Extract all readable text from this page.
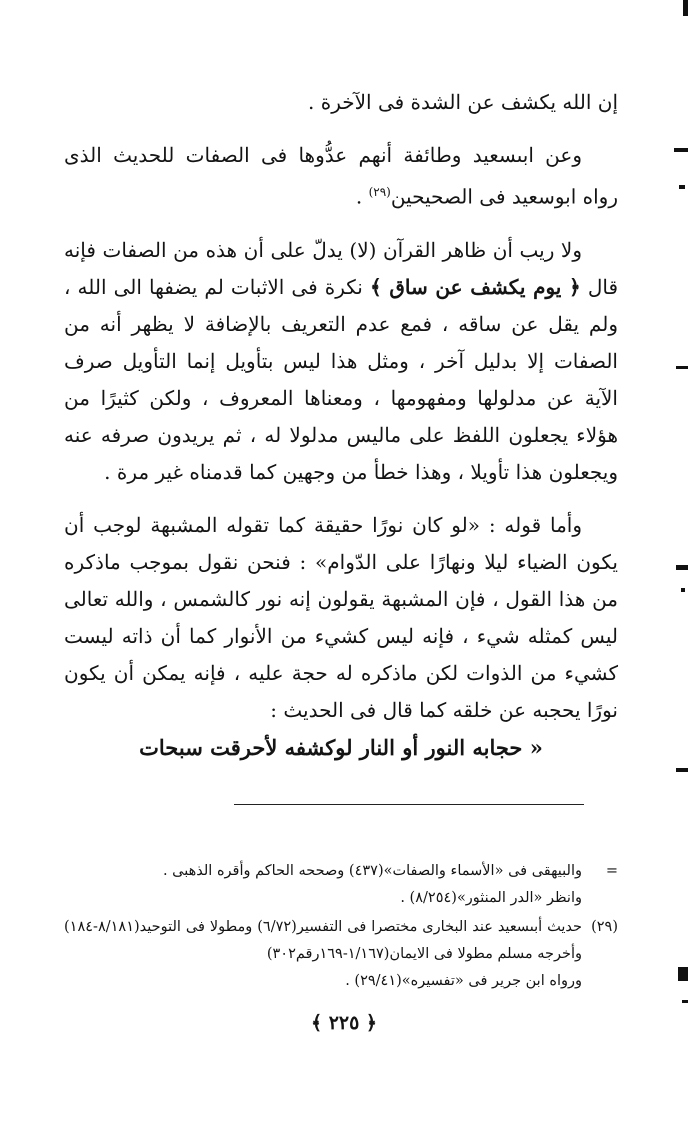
إن الله يكشف عن الشدة فى الآخرة .

وعن ابىسعيد وطائفة أنهم عدُّوها فى الصفات للحديث الذى رواه ابوسعيد فى الصحيحين$^{(٢٩)}$ .

ولا ريب أن ظاهر القرآن (لا) يدلّ على أن هذه من الصفات فإنه قال ﴿ يوم يكشف عن ساق ﴾ نكرة فى الاثبات لم يضفها الى الله ، ولم يقل عن ساقه ، فمع عدم التعريف بالإضافة لا يظهر أنه من الصفات إلا بدليل آخر ، ومثل هذا ليس بتأويل إنما التأويل صرف الآية عن مدلولها ومفهومها ، ومعناها المعروف ، ولكن كثيرًا من هؤلاء يجعلون اللفظ على ماليس مدلولا له ، ثم يريدون صرفه عنه ويجعلون هذا تأويلا ، وهذا خطأ من وجهين كما قدمناه غير مرة .

وأما قوله : «لو كان نورًا حقيقة كما تقوله المشبهة لوجب أن يكون الضياء ليلا ونهارًا على الدّوام» : فنحن نقول بموجب ماذكره من هذا القول ، فإن المشبهة يقولون إنه نور كالشمس ، والله تعالى ليس كمثله شيء ، فإنه ليس كشيء من الأنوار كما أن ذاته ليست كشيء من الذوات لكن ماذكره له حجة عليه ، فإنه يمكن أن يكون نورًا يحجبه عن خلقه كما قال فى الحديث :

« حجابه النور أو النار لوكشفه لأحرقت سبحات

=
والبيهقى فى «الأسماء والصفات»(٤٣٧) وصححه الحاكم وأقره الذهبى .
وانظر «الدر المنثور»(٨/٢٥٤) .
(٢٩)
حديث أبىسعيد عند البخارى مختصرا فى التفسير(٦/٧٢) ومطولا فى التوحيد(٨/١٨١-١٨٤) وأخرجه مسلم مطولا فى الايمان(١/١٦٧-١٦٩رقم٣٠٢)
ورواه ابن جرير فى «تفسيره»(٢٩/٤١) .
﴿ ٢٢٥ ﴾
